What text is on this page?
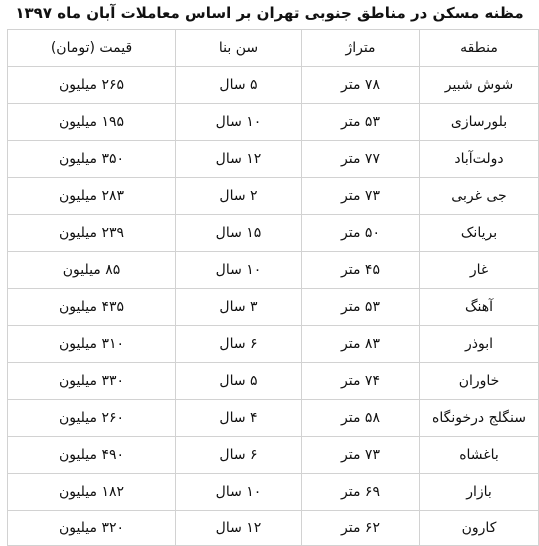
مظنه مسکن در مناطق جنوبی تهران بر اساس معاملات آبان ماه ۱۳۹۷
منطقه	متراژ	سن بنا	قیمت (تومان)
شوش شبیر	۷۸ متر	۵ سال	۲۶۵ میلیون
بلورسازی	۵۳ متر	۱۰ سال	۱۹۵ میلیون
دولت‌آباد	۷۷ متر	۱۲ سال	۳۵۰ میلیون
جی غربی	۷۳ متر	۲ سال	۲۸۳ میلیون
بریانک	۵۰ متر	۱۵ سال	۲۳۹ میلیون
غار	۴۵ متر	۱۰ سال	۸۵ میلیون
آهنگ	۵۳ متر	۳ سال	۴۳۵ میلیون
ابوذر	۸۳ متر	۶ سال	۳۱۰ میلیون
خاوران	۷۴ متر	۵ سال	۳۳۰ میلیون
سنگلج درخونگاه	۵۸ متر	۴ سال	۲۶۰ میلیون
باغشاه	۷۳ متر	۶ سال	۴۹۰ میلیون
بازار	۶۹ متر	۱۰ سال	۱۸۲ میلیون
کارون	۶۲ متر	۱۲ سال	۳۲۰ میلیون
